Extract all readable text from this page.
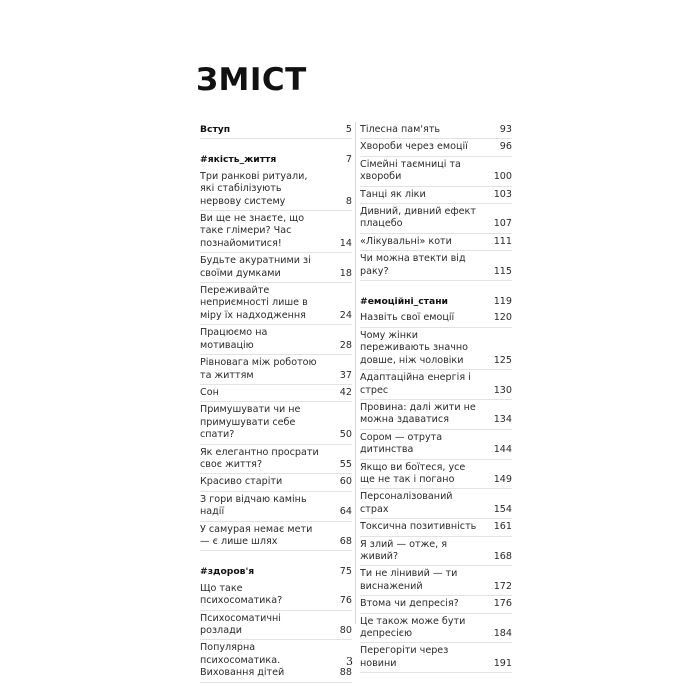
ЗМІСТ
Вступ	5
#якість_життя	7
Три ранкові ритуали, які стабілізують нервову систему	8
Ви ще не знаєте, що таке глімери? Час познайомитися!	14
Будьте акуратними зі своїми думками	18
Переживайте неприємності лише в міру їх надходження	24
Працюємо на мотивацію	28
Рівновага між роботою та життям	37
Сон	42
Примушувати чи не примушувати себе спати?	50
Як елегантно просрати своє життя?	55
Красиво старіти	60
З гори відчаю камінь надії	64
У самурая немає мети — є лише шлях	68
#здоров'я	75
Що таке психосоматика?	76
Психосоматичні розлади	80
Популярна психосоматика. Виховання дітей	88
Тілесна пам'ять	93
Хвороби через емоції	96
Сімейні таємниці та хвороби	100
Танці як ліки	103
Дивний, дивний ефект плацебо	107
«Лікувальні» коти	111
Чи можна втекти від раку?	115
#емоційні_стани	119
Назвіть свої емоції	120
Чому жінки переживають значно довше, ніж чоловіки	125
Адаптаційна енергія і стрес	130
Провина: далі жити не можна здаватися	134
Сором — отрута дитинства	144
Якщо ви боїтеся, усе ще не так і погано	149
Персоналізований страх	154
Токсична позитивність	161
Я злий — отже, я живий?	168
Ти не лінивий — ти виснажений	172
Втома чи депресія?	176
Це також може бути депресією	184
Перегоріти через новини	191
3
